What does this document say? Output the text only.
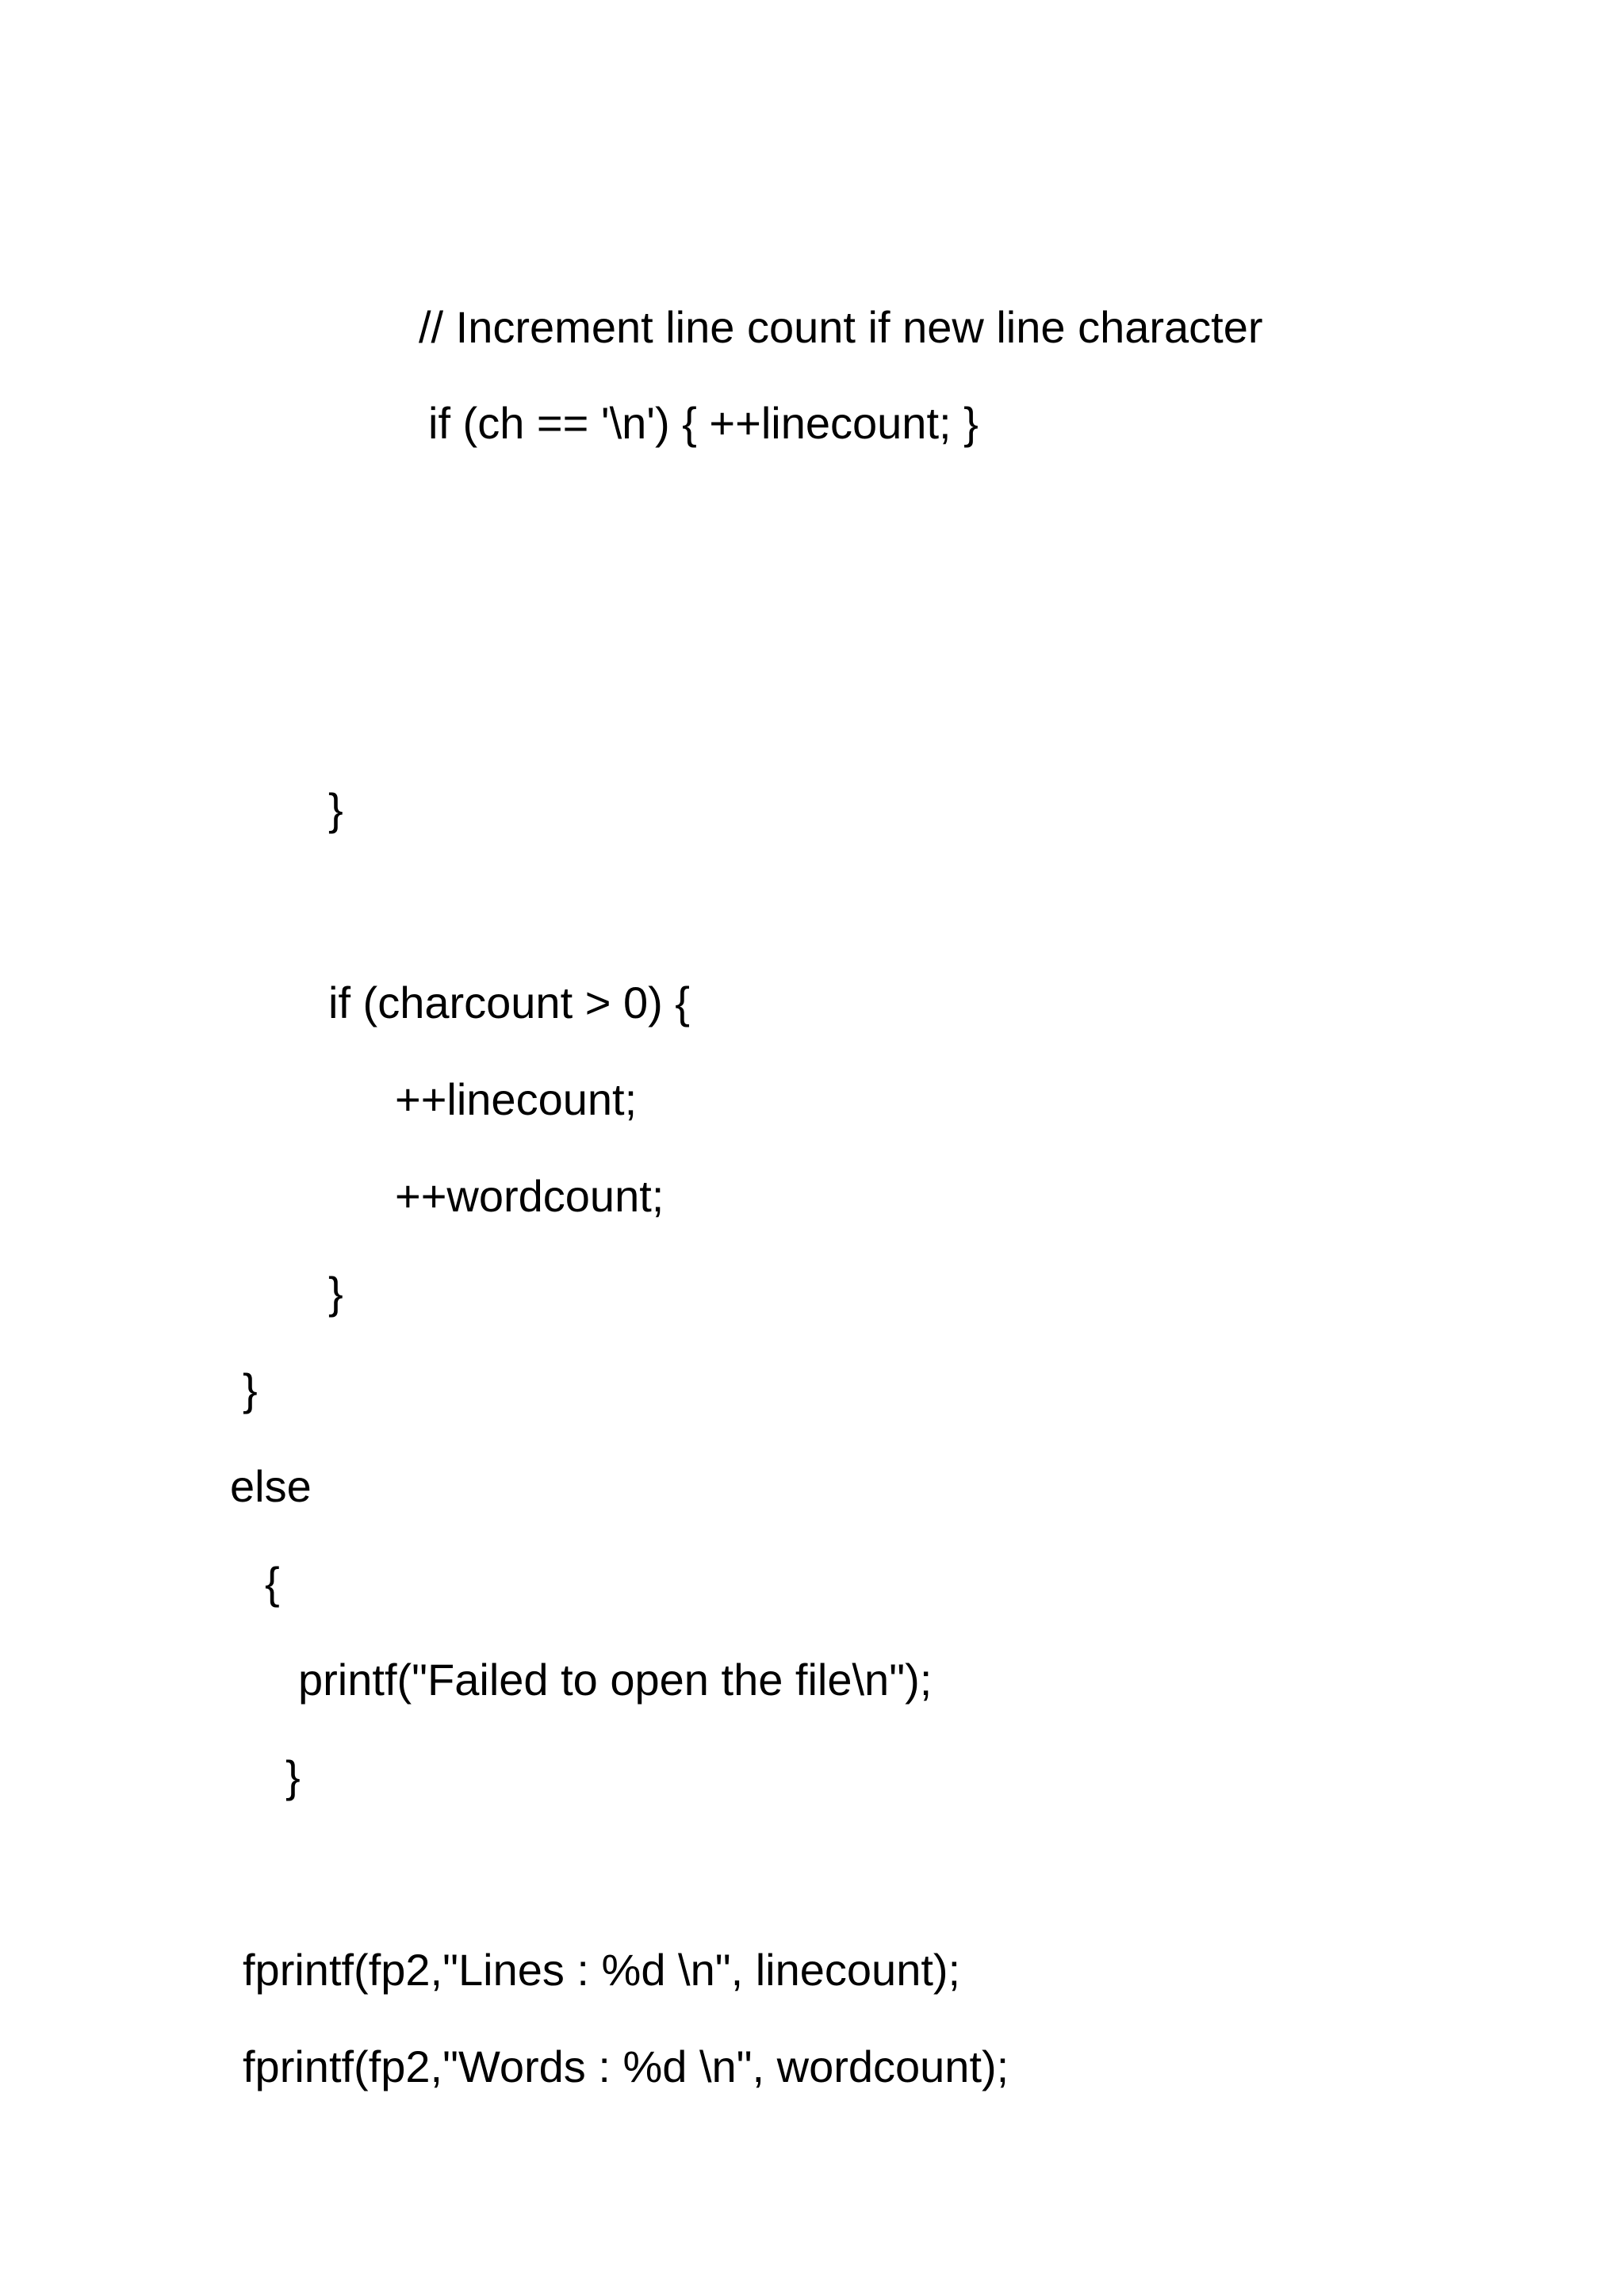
// Increment line count if new line character

if (ch == '\n') { ++linecount; }

}

if (charcount > 0) {

++linecount;

++wordcount;

}

}

else

{

printf("Failed to open the file\n");

}

fprintf(fp2,"Lines : %d \n", linecount);

fprintf(fp2,"Words : %d \n", wordcount);
